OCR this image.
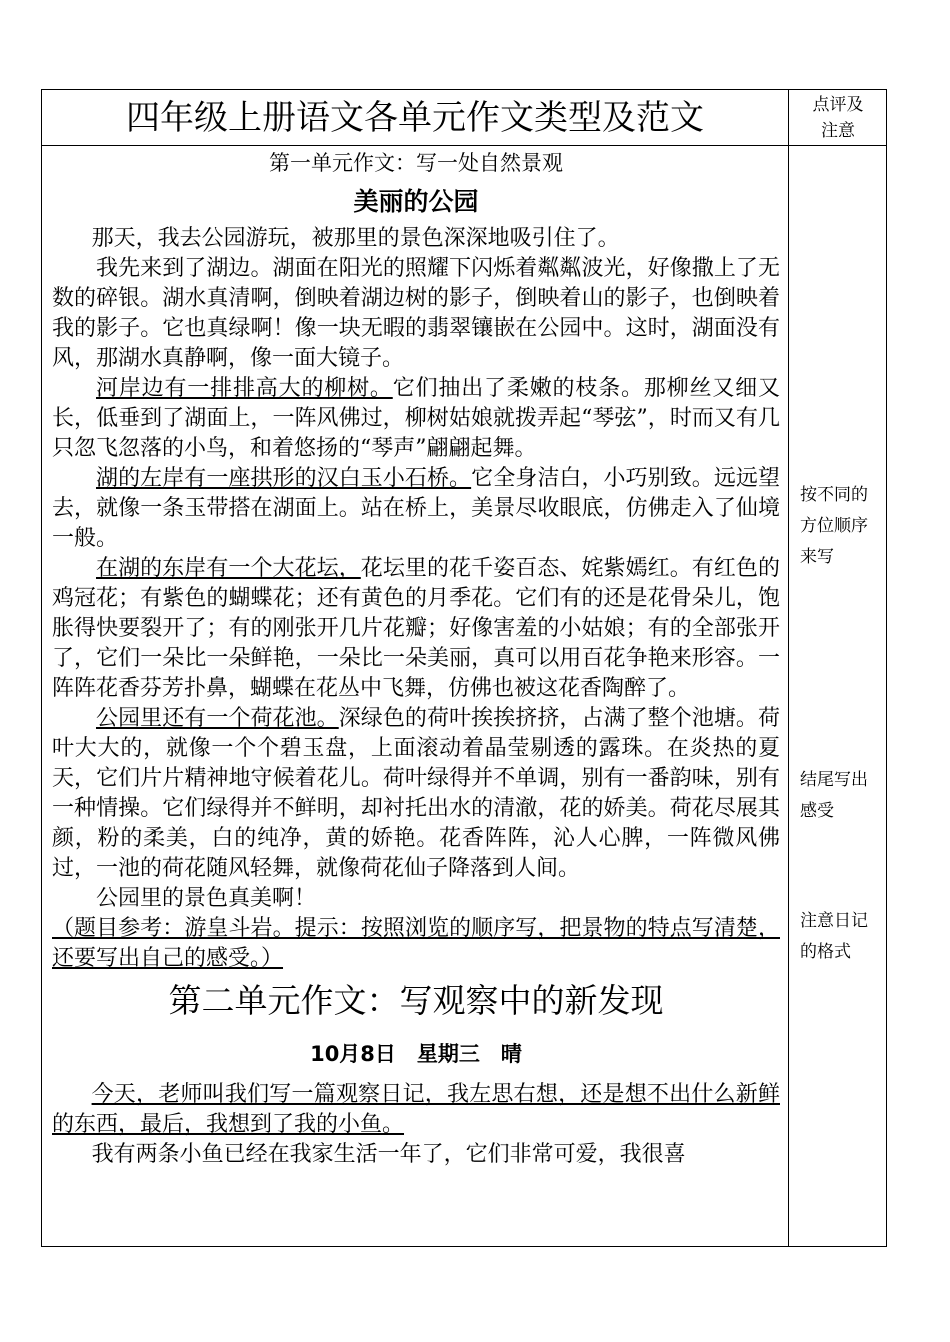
四年级上册语文各单元作文类型及范文	点评及
注意
按不同的方位顺序来写
结尾写出感受
注意日记的格式

第一单元作文：写一处自然景观

美丽的公园

那天，我去公园游玩，被那里的景色深深地吸引住了。

我先来到了湖边。湖面在阳光的照耀下闪烁着粼粼波光，好像撒上了无数的碎银。湖水真清啊，倒映着湖边树的影子，倒映着山的影子，也倒映着我的影子。它也真绿啊！像一块无暇的翡翠镶嵌在公园中。这时，湖面没有风，那湖水真静啊，像一面大镜子。

河岸边有一排排高大的柳树。它们抽出了柔嫩的枝条。那柳丝又细又长，低垂到了湖面上，一阵风佛过，柳树姑娘就拨弄起“琴弦”，时而又有几只忽飞忽落的小鸟，和着悠扬的“琴声”翩翩起舞。

湖的左岸有一座拱形的汉白玉小石桥。它全身洁白，小巧别致。远远望去，就像一条玉带搭在湖面上。站在桥上，美景尽收眼底，仿佛走入了仙境一般。

在湖的东岸有一个大花坛，花坛里的花千姿百态、姹紫嫣红。有红色的鸡冠花；有紫色的蝴蝶花；还有黄色的月季花。它们有的还是花骨朵儿，饱胀得快要裂开了；有的刚张开几片花瓣；好像害羞的小姑娘；有的全部张开了，它们一朵比一朵鲜艳，一朵比一朵美丽，真可以用百花争艳来形容。一阵阵花香芬芳扑鼻，蝴蝶在花丛中飞舞，仿佛也被这花香陶醉了。

公园里还有一个荷花池。深绿色的荷叶挨挨挤挤，占满了整个池塘。荷叶大大的，就像一个个碧玉盘，上面滚动着晶莹剔透的露珠。在炎热的夏天，它们片片精神地守候着花儿。荷叶绿得并不单调，别有一番韵味，别有一种情操。它们绿得并不鲜明，却衬托出水的清澈，花的娇美。荷花尽展其颜，粉的柔美，白的纯净，黄的娇艳。花香阵阵，沁人心脾，一阵微风佛过，一池的荷花随风轻舞，就像荷花仙子降落到人间。

公园里的景色真美啊！

（题目参考：游皇斗岩。提示：按照浏览的顺序写，把景物的特点写清楚，还要写出自己的感受。）

第二单元作文：写观察中的新发现

10月8日　星期三　晴

今天，老师叫我们写一篇观察日记，我左思右想，还是想不出什么新鲜的东西，最后，我想到了我的小鱼。

我有两条小鱼已经在我家生活一年了，它们非常可爱，我很喜
